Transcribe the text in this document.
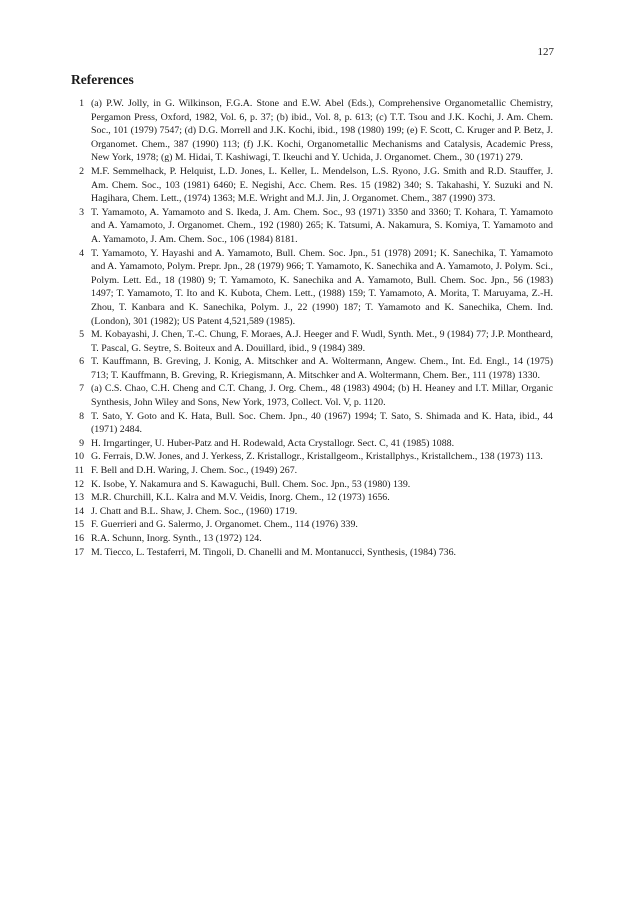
127
References
1 (a) P.W. Jolly, in G. Wilkinson, F.G.A. Stone and E.W. Abel (Eds.), Comprehensive Organometallic Chemistry, Pergamon Press, Oxford, 1982, Vol. 6, p. 37; (b) ibid., Vol. 8, p. 613; (c) T.T. Tsou and J.K. Kochi, J. Am. Chem. Soc., 101 (1979) 7547; (d) D.G. Morrell and J.K. Kochi, ibid., 198 (1980) 199; (e) F. Scott, C. Kruger and P. Betz, J. Organomet. Chem., 387 (1990) 113; (f) J.K. Kochi, Organometallic Mechanisms and Catalysis, Academic Press, New York, 1978; (g) M. Hidai, T. Kashiwagi, T. Ikeuchi and Y. Uchida, J. Organomet. Chem., 30 (1971) 279.
2 M.F. Semmelhack, P. Helquist, L.D. Jones, L. Keller, L. Mendelson, L.S. Ryono, J.G. Smith and R.D. Stauffer, J. Am. Chem. Soc., 103 (1981) 6460; E. Negishi, Acc. Chem. Res. 15 (1982) 340; S. Takahashi, Y. Suzuki and N. Hagihara, Chem. Lett., (1974) 1363; M.E. Wright and M.J. Jin, J. Organomet. Chem., 387 (1990) 373.
3 T. Yamamoto, A. Yamamoto and S. Ikeda, J. Am. Chem. Soc., 93 (1971) 3350 and 3360; T. Kohara, T. Yamamoto and A. Yamamoto, J. Organomet. Chem., 192 (1980) 265; K. Tatsumi, A. Nakamura, S. Komiya, T. Yamamoto and A. Yamamoto, J. Am. Chem. Soc., 106 (1984) 8181.
4 T. Yamamoto, Y. Hayashi and A. Yamamoto, Bull. Chem. Soc. Jpn., 51 (1978) 2091; K. Sanechika, T. Yamamoto and A. Yamamoto, Polym. Prepr. Jpn., 28 (1979) 966; T. Yamamoto, K. Sanechika and A. Yamamoto, J. Polym. Sci., Polym. Lett. Ed., 18 (1980) 9; T. Yamamoto, K. Sanechika and A. Yamamoto, Bull. Chem. Soc. Jpn., 56 (1983) 1497; T. Yamamoto, T. Ito and K. Kubota, Chem. Lett., (1988) 159; T. Yamamoto, A. Morita, T. Maruyama, Z.-H. Zhou, T. Kanbara and K. Sanechika, Polym. J., 22 (1990) 187; T. Yamamoto and K. Sanechika, Chem. Ind. (London), 301 (1982); US Patent 4,521,589 (1985).
5 M. Kobayashi, J. Chen, T.-C. Chung, F. Moraes, A.J. Heeger and F. Wudl, Synth. Met., 9 (1984) 77; J.P. Montheard, T. Pascal, G. Seytre, S. Boiteux and A. Douillard, ibid., 9 (1984) 389.
6 T. Kauffmann, B. Greving, J. Konig, A. Mitschker and A. Woltermann, Angew. Chem., Int. Ed. Engl., 14 (1975) 713; T. Kauffmann, B. Greving, R. Kriegismann, A. Mitschker and A. Woltermann, Chem. Ber., 111 (1978) 1330.
7 (a) C.S. Chao, C.H. Cheng and C.T. Chang, J. Org. Chem., 48 (1983) 4904; (b) H. Heaney and I.T. Millar, Organic Synthesis, John Wiley and Sons, New York, 1973, Collect. Vol. V, p. 1120.
8 T. Sato, Y. Goto and K. Hata, Bull. Soc. Chem. Jpn., 40 (1967) 1994; T. Sato, S. Shimada and K. Hata, ibid., 44 (1971) 2484.
9 H. Irngartinger, U. Huber-Patz and H. Rodewald, Acta Crystallogr. Sect. C, 41 (1985) 1088.
10 G. Ferrais, D.W. Jones, and J. Yerkess, Z. Kristallogr., Kristallgeom., Kristallphys., Kristallchem., 138 (1973) 113.
11 F. Bell and D.H. Waring, J. Chem. Soc., (1949) 267.
12 K. Isobe, Y. Nakamura and S. Kawaguchi, Bull. Chem. Soc. Jpn., 53 (1980) 139.
13 M.R. Churchill, K.L. Kalra and M.V. Veidis, Inorg. Chem., 12 (1973) 1656.
14 J. Chatt and B.L. Shaw, J. Chem. Soc., (1960) 1719.
15 F. Guerrieri and G. Salermo, J. Organomet. Chem., 114 (1976) 339.
16 R.A. Schunn, Inorg. Synth., 13 (1972) 124.
17 M. Tiecco, L. Testaferri, M. Tingoli, D. Chanelli and M. Montanucci, Synthesis, (1984) 736.
